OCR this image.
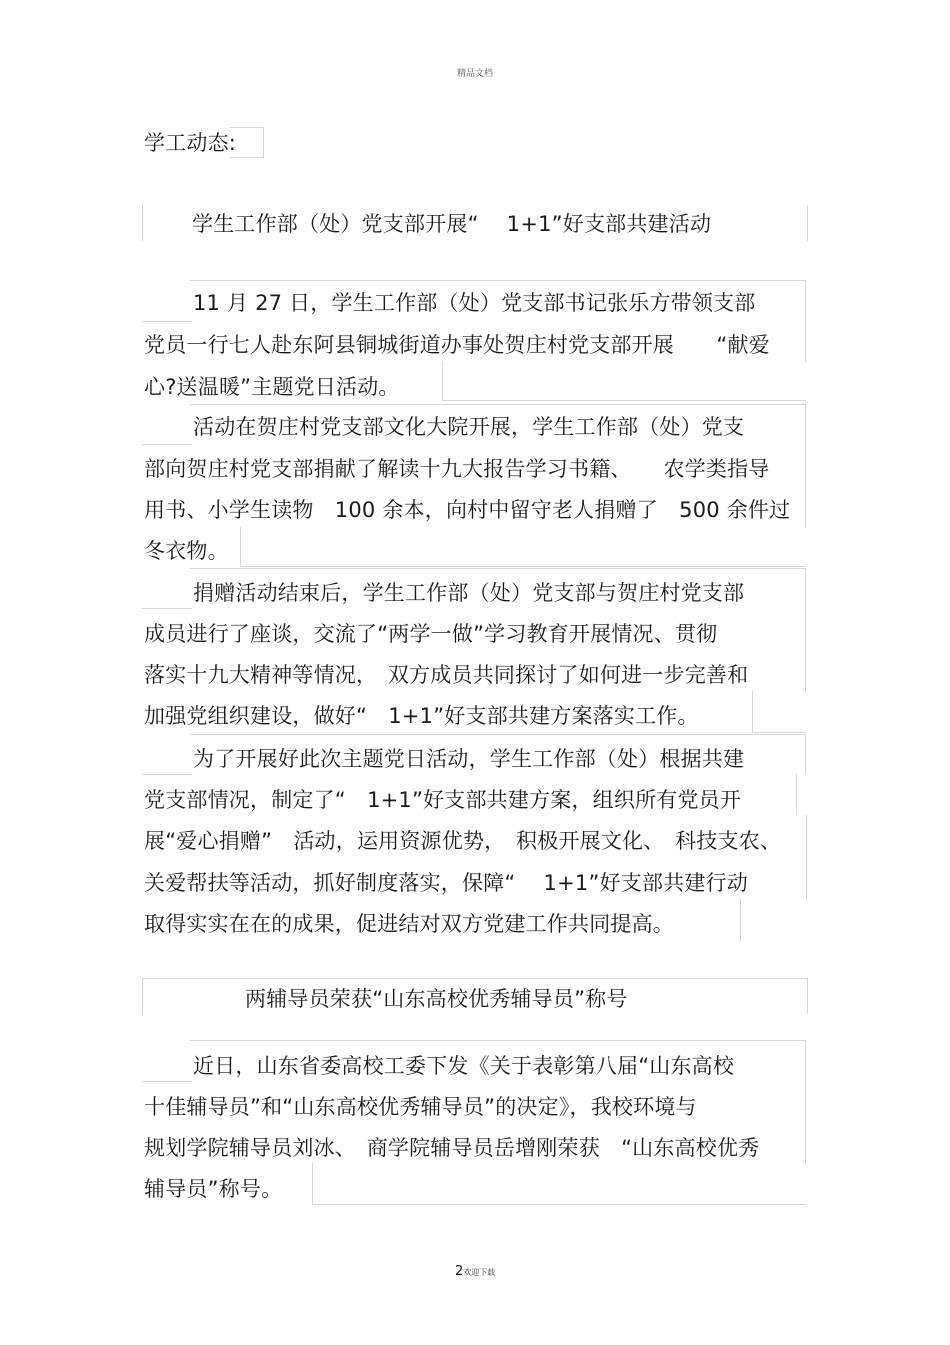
精品文档
学工动态:
学生工作部（处）党支部开展“　 1+1”好支部共建活动
11 月 27 日，学生工作部（处）党支部书记张乐方带领支部
党员一行七人赴东阿县铜城街道办事处贺庄村党支部开展　　“献爱
心?送温暖”主题党日活动。
活动在贺庄村党支部文化大院开展，学生工作部（处）党支
部向贺庄村党支部捐献了解读十九大报告学习书籍、　　农学类指导
用书、小学生读物　100 余本，向村中留守老人捐赠了　500 余件过
冬衣物。
捐赠活动结束后，学生工作部（处）党支部与贺庄村党支部
成员进行了座谈，交流了“两学一做”学习教育开展情况、贯彻
落实十九大精神等情况，　双方成员共同探讨了如何进一步完善和
加强党组织建设，做好“　1+1”好支部共建方案落实工作。
为了开展好此次主题党日活动，学生工作部（处）根据共建
党支部情况，制定了“　1+1”好支部共建方案，组织所有党员开
展“爱心捐赠”　活动，运用资源优势，　积极开展文化、　科技支农、
关爱帮扶等活动，抓好制度落实，保障“　 1+1”好支部共建行动
取得实实在在的成果，促进结对双方党建工作共同提高。
两辅导员荣获“山东高校优秀辅导员”称号
近日，山东省委高校工委下发《关于表彰第八届“山东高校
十佳辅导员”和“山东高校优秀辅导员”的决定》，我校环境与
规划学院辅导员刘冰、　商学院辅导员岳增刚荣获　“山东高校优秀
辅导员”称号。
2欢迎下载
